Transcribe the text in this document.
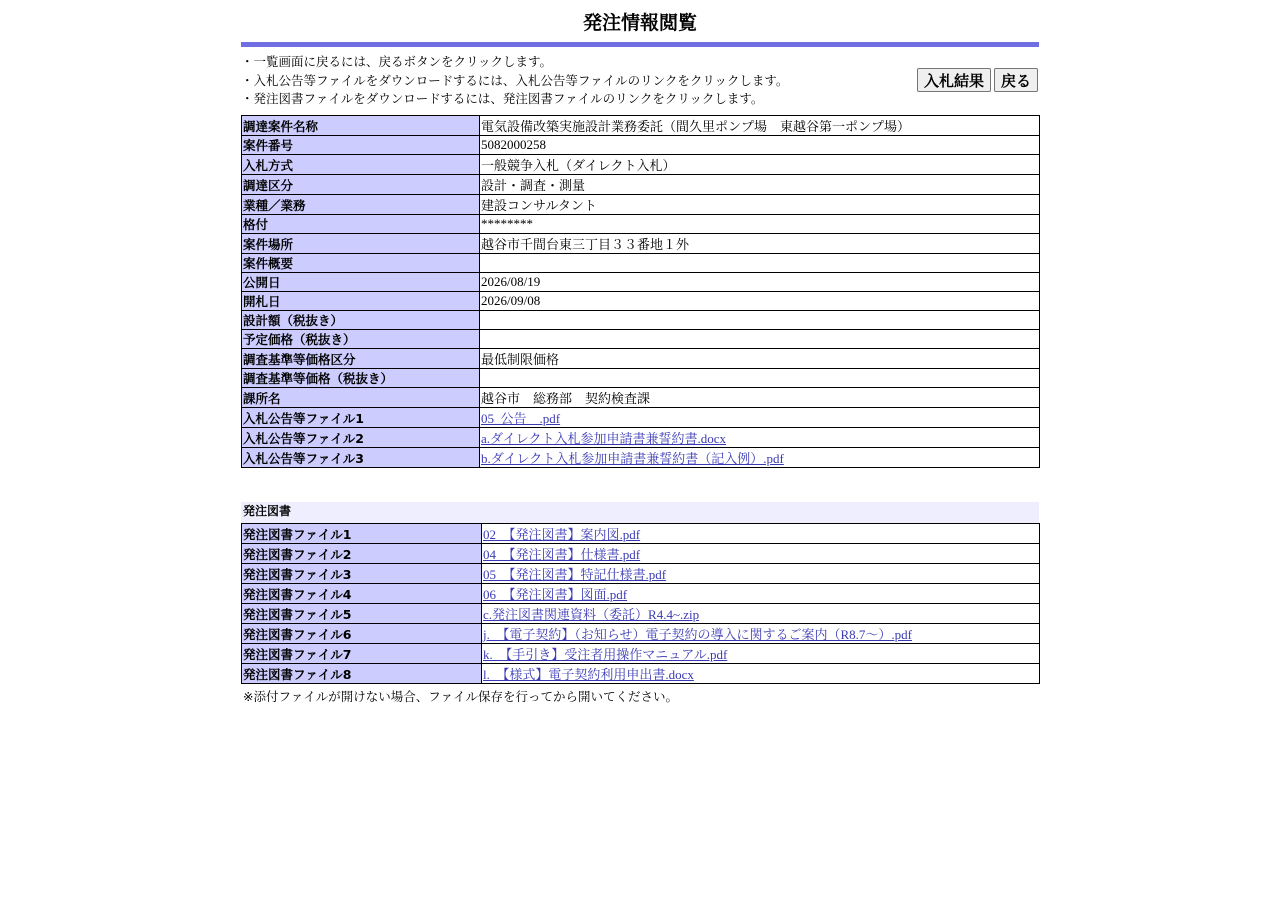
発注情報閲覧
・一覧画面に戻るには、戻るボタンをクリックします。
・入札公告等ファイルをダウンロードするには、入札公告等ファイルのリンクをクリックします。
・発注図書ファイルをダウンロードするには、発注図書ファイルのリンクをクリックします。
入札結果	戻る
調達案件名称	電気設備改築実施設計業務委託（間久里ポンプ場　東越谷第一ポンプ場）
案件番号	5082000258
入札方式	一般競争入札（ダイレクト入札）
調達区分	設計・調査・測量
業種／業務	建設コンサルタント
格付	********
案件場所	越谷市千間台東三丁目３３番地１外
案件概要	
公開日	2026/08/19
開札日	2026/09/08
設計額（税抜き）	
予定価格（税抜き）	
調査基準等価格区分	最低制限価格
調査基準等価格（税抜き）	
課所名	越谷市　総務部　契約検査課
入札公告等ファイル1	05_公告　.pdf
入札公告等ファイル2	a.ダイレクト入札参加申請書兼誓約書.docx
入札公告等ファイル3	b.ダイレクト入札参加申請書兼誓約書（記入例）.pdf
発注図書
発注図書ファイル1	02_【発注図書】案内図.pdf
発注図書ファイル2	04_【発注図書】仕様書.pdf
発注図書ファイル3	05_【発注図書】特記仕様書.pdf
発注図書ファイル4	06_【発注図書】図面.pdf
発注図書ファイル5	c.発注図書関連資料（委託）R4.4~.zip
発注図書ファイル6	j._【電子契約】（お知らせ）電子契約の導入に関するご案内（R8.7～）.pdf
発注図書ファイル7	k._【手引き】受注者用操作マニュアル.pdf
発注図書ファイル8	l._【様式】電子契約利用申出書.docx
※添付ファイルが開けない場合、ファイル保存を行ってから開いてください。
